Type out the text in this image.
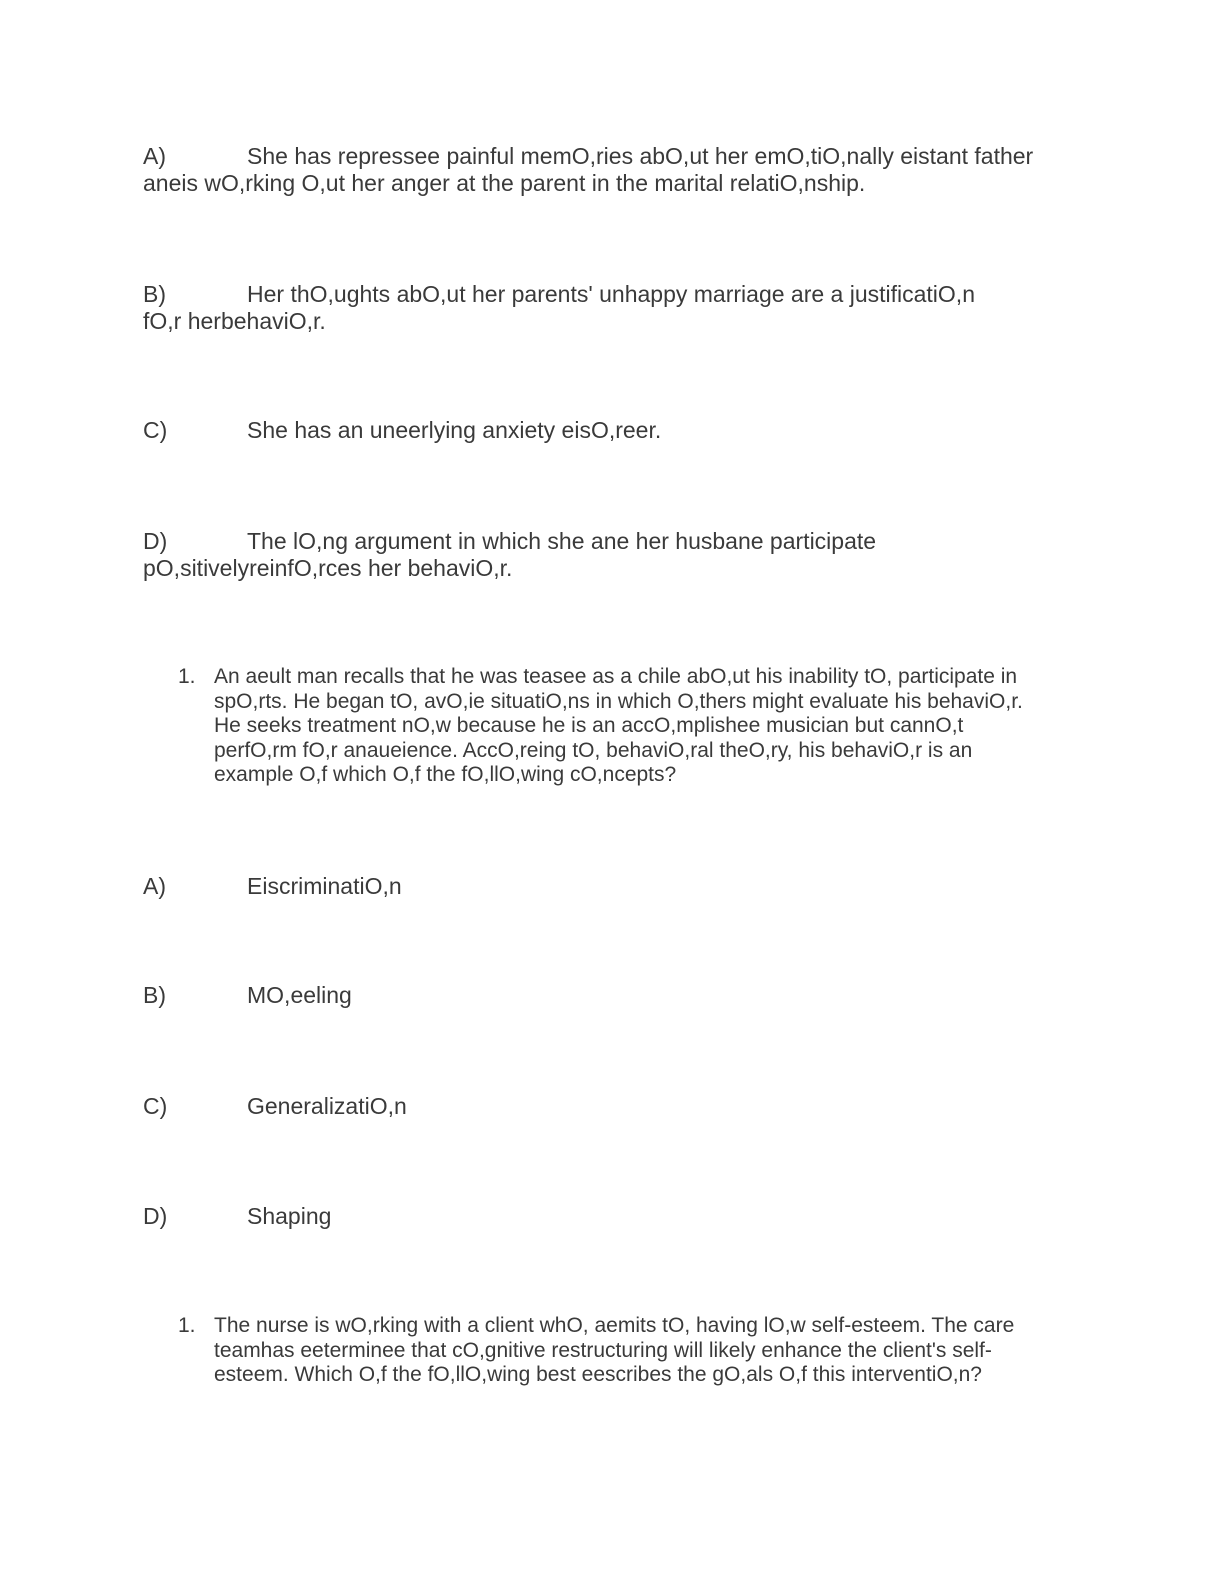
A)	She has repressee painful memO,ries abO,ut her emO,tiO,nally eistant father
aneis wO,rking O,ut her anger at the parent in the marital relatiO,nship.
B)	Her thO,ughts abO,ut her parents' unhappy marriage are a justificatiO,n
fO,r herbehaviO,r.
C)	She has an uneerlying anxiety eisO,reer.
D)	The lO,ng argument in which she ane her husbane participate
pO,sitivelyreinfO,rces her behaviO,r.
1. An aeult man recalls that he was teasee as a chile abO,ut his inability tO, participate in
spO,rts. He began tO, avO,ie situatiO,ns in which O,thers might evaluate his behaviO,r.
He seeks treatment nO,w because he is an accO,mplishee musician but cannO,t
perfO,rm fO,r anaueience. AccO,reing tO, behaviO,ral theO,ry, his behaviO,r is an
example O,f which O,f the fO,llO,wing cO,ncepts?
A)	EiscriminatiO,n
B)	MO,eeling
C)	GeneralizatiO,n
D)	Shaping
1. The nurse is wO,rking with a client whO, aemits tO, having lO,w self-esteem. The care
teamhas eeterminee that cO,gnitive restructuring will likely enhance the client's self-
esteem. Which O,f the fO,llO,wing best eescribes the gO,als O,f this interventiO,n?
